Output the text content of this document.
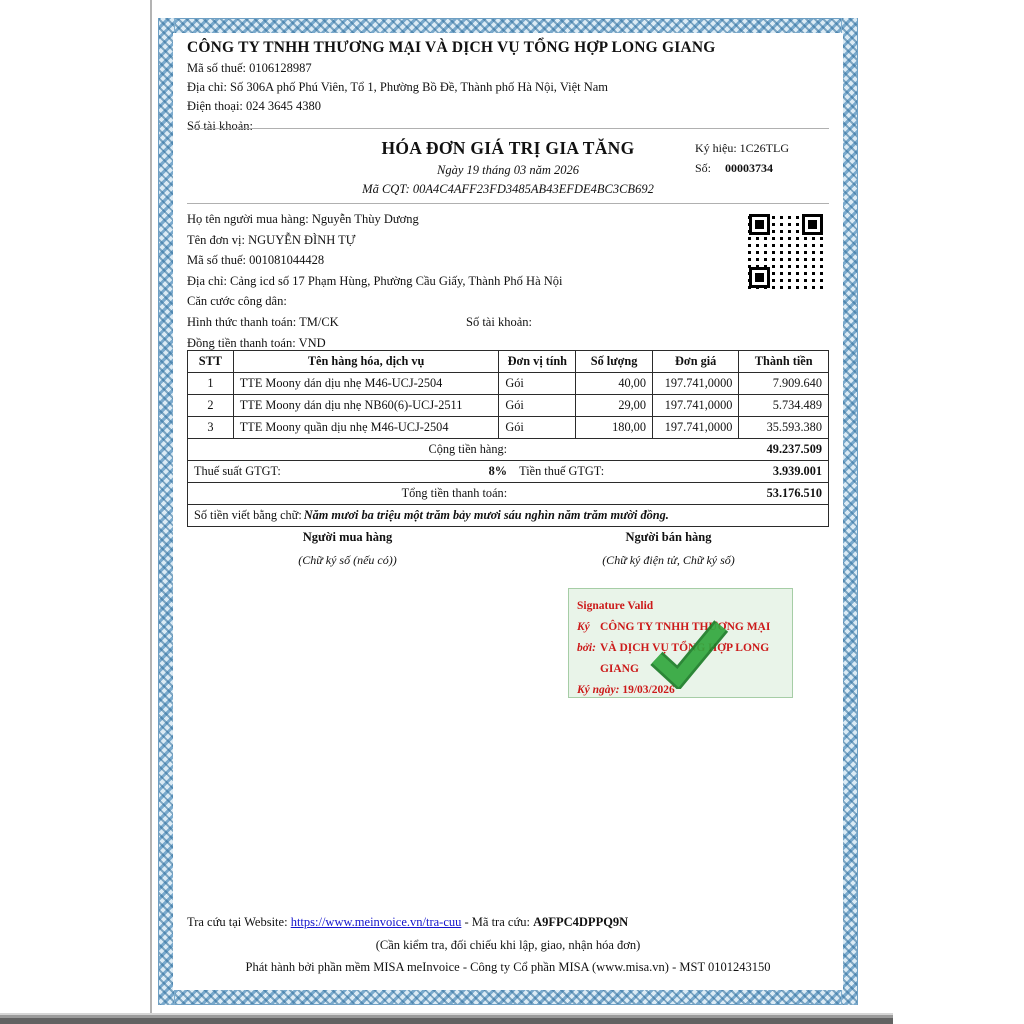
CÔNG TY TNHH THƯƠNG MẠI VÀ DỊCH VỤ TỔNG HỢP LONG GIANG
Mã số thuế: 0106128987
Địa chỉ: Số 306A phố Phú Viên, Tổ 1, Phường Bồ Đề, Thành phố Hà Nội, Việt Nam
Điện thoại: 024 3645 4380
Số tài khoản:
HÓA ĐƠN GIÁ TRỊ GIA TĂNG
Ngày 19 tháng 03 năm 2026
Mã CQT: 00A4C4AFF23FD3485AB43EFDE4BC3CB692
Ký hiệu: 1C26TLG
Số: 00003734
Họ tên người mua hàng: Nguyễn Thùy Dương
Tên đơn vị: NGUYỄN ĐÌNH TỰ
Mã số thuế: 001081044428
Địa chỉ: Cảng icd số 17 Phạm Hùng, Phường Cầu Giấy, Thành Phố Hà Nội
Căn cước công dân:
Hình thức thanh toán: TM/CK	Số tài khoản:
Đồng tiền thanh toán: VND
STT	Tên hàng hóa, dịch vụ	Đơn vị tính	Số lượng	Đơn giá	Thành tiền
1	TTE Moony dán dịu nhẹ M46-UCJ-2504	Gói	40,00	197.741,0000	7.909.640
2	TTE Moony dán dịu nhẹ NB60(6)-UCJ-2511	Gói	29,00	197.741,0000	5.734.489
3	TTE Moony quần dịu nhẹ M46-UCJ-2504	Gói	180,00	197.741,0000	35.593.380
Cộng tiền hàng:	49.237.509
Thuế suất GTGT:	8% Tiền thuế GTGT:	3.939.001
Tổng tiền thanh toán:	53.176.510
Số tiền viết bằng chữ: Năm mươi ba triệu một trăm bảy mươi sáu nghìn năm trăm mười đồng.
Người mua hàng
(Chữ ký số (nếu có))
Người bán hàng
(Chữ ký điện tử, Chữ ký số)
Signature Valid
Ký bởi:
CÔNG TY TNHH THƯƠNG MẠI VÀ DỊCH VỤ TỔNG HỢP LONG GIANG
Ký ngày: 19/03/2026
Tra cứu tại Website: https://www.meinvoice.vn/tra-cuu - Mã tra cứu: A9FPC4DPPQ9N
(Cần kiểm tra, đối chiếu khi lập, giao, nhận hóa đơn)
Phát hành bởi phần mềm MISA meInvoice - Công ty Cổ phần MISA (www.misa.vn) - MST 0101243150
